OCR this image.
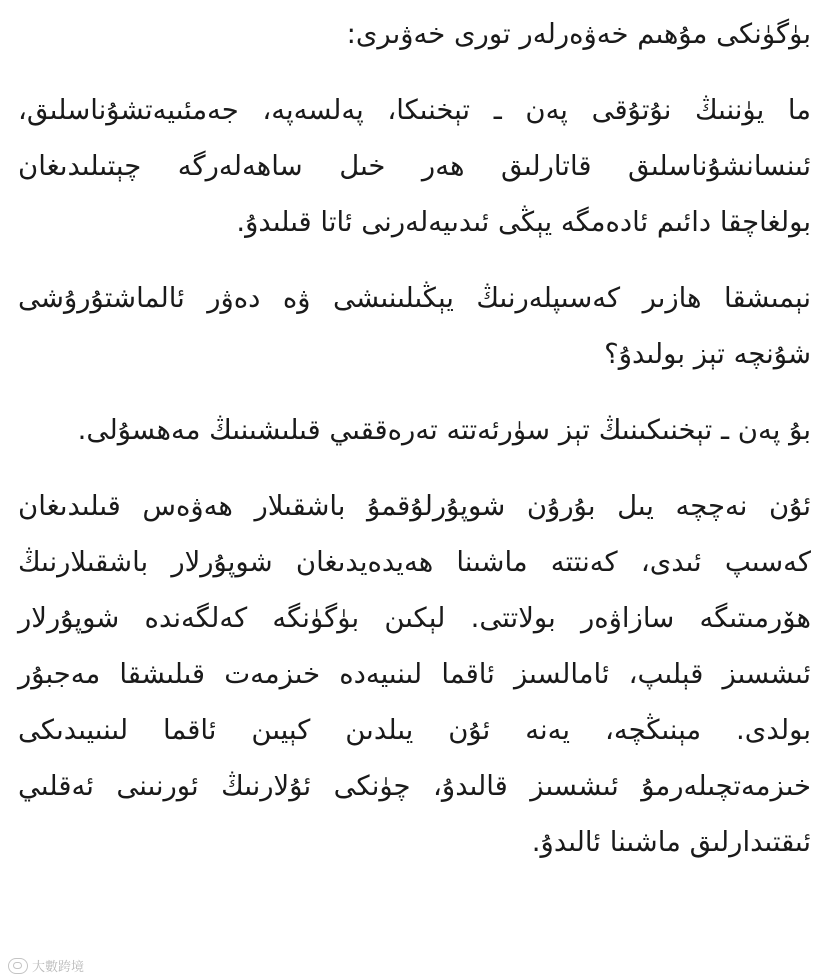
بۈگۈنكى مۇھىم خەۋەرلەر تورى خەۋىرى:
ما يۈننىڭ نۇتۇقى پەن ـ تېخنىكا، پەلسەپە، جەمئىيەتشۇناسلىق،
ئىنسانشۇناسلىق قاتارلىق ھەر خىل ساھەلەرگە چېتىلىدىغان
بولغاچقا دائىم ئادەمگە يېڭى ئىدىيەلەرنى ئاتا قىلىدۇ.
نېمىشقا ھازىر كەسىپلەرنىڭ يېڭىلىنىشى ۋە دەۋر ئالماشتۇرۇشى
شۇنچە تېز بولىدۇ؟
بۇ پەن ـ تېخنىكىنىڭ تېز سۈرئەتتە تەرەققىي قىلىشىنىڭ مەھسۇلى.
ئۇن نەچچە يىل بۇرۇن شوپۇرلۇقمۇ باشقىلار ھەۋەس قىلىدىغان
كەسىپ ئىدى، كەنتتە ماشىنا ھەيدەيدىغان شوپۇرلار باشقىلارنىڭ
ھۆرمىتىگە سازاۋەر بولاتتى. لېكىن بۈگۈنگە كەلگەندە شوپۇرلار
ئىشسىز قېلىپ، ئامالسىز ئاقما لىنىيەدە خىزمەت قىلىشقا مەجبۇر
بولدى. مېنىڭچە، يەنە ئۇن يىلدىن كېيىن ئاقما لىنىيىدىكى
خىزمەتچىلەرمۇ ئىشسىز قالىدۇ، چۈنكى ئۇلارنىڭ ئورنىنى ئەقلىي
ئىقتىدارلىق ماشىنا ئالىدۇ.
大數跨境
